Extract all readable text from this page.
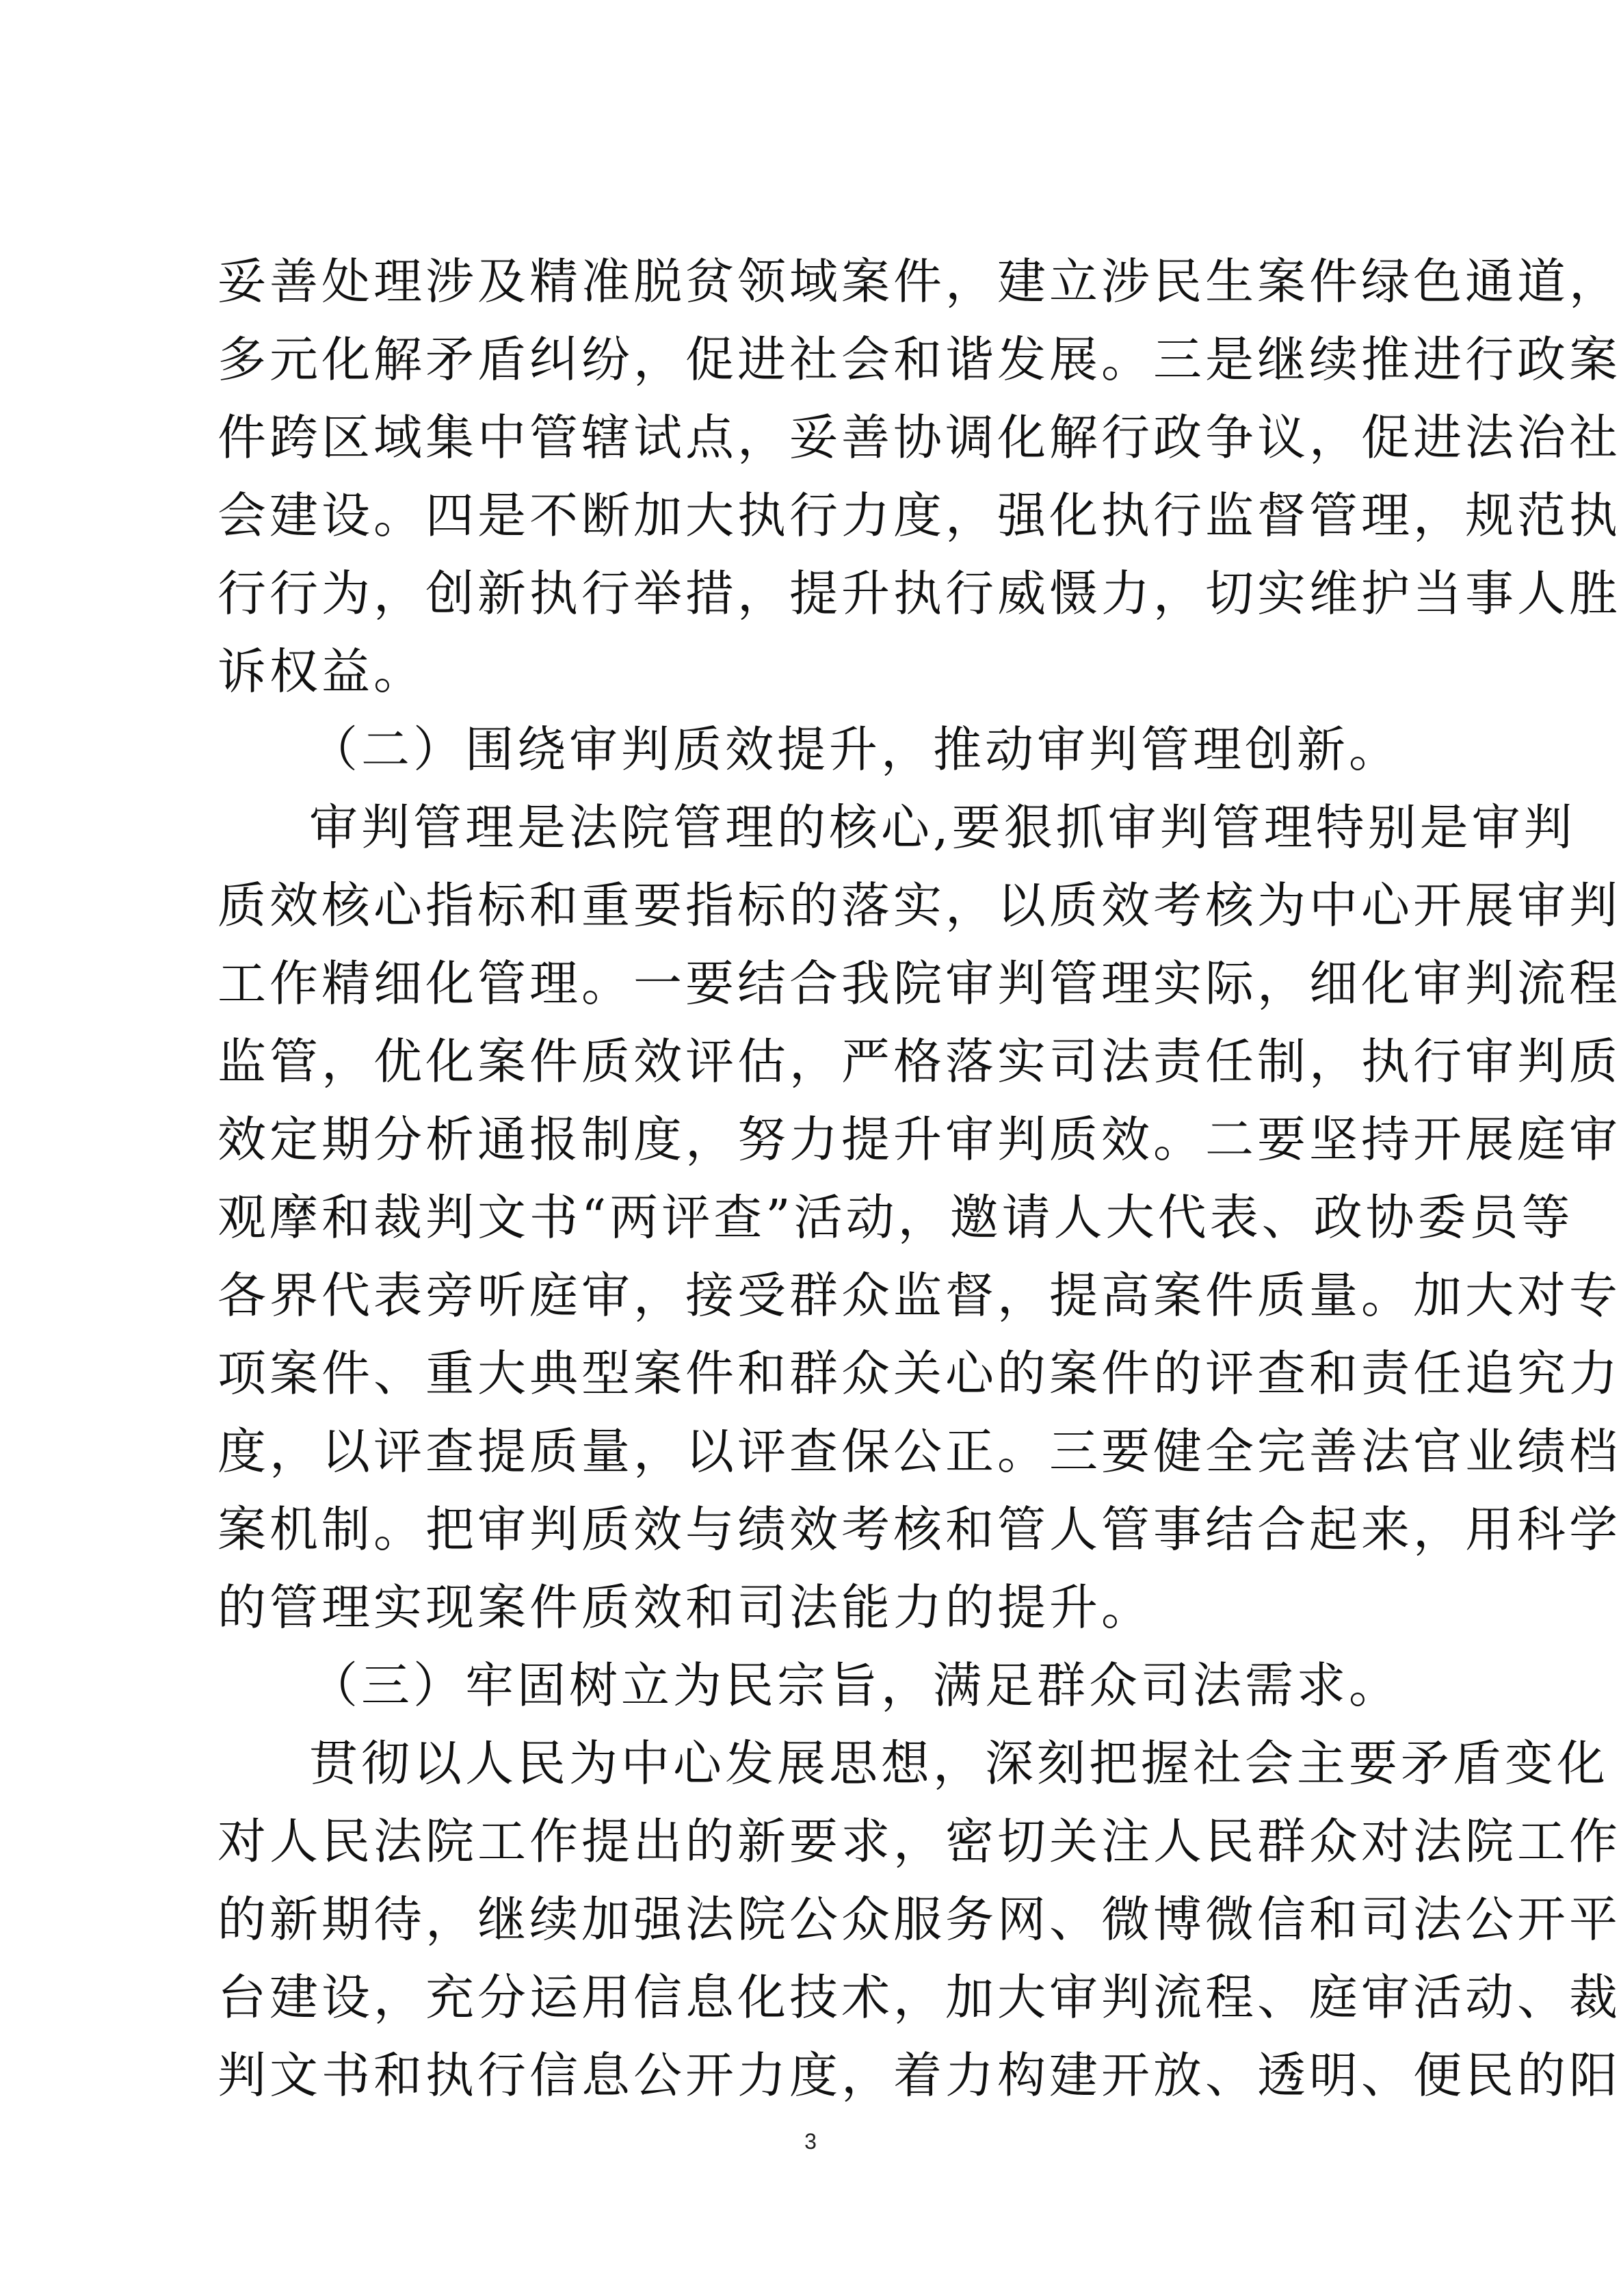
妥善处理涉及精准脱贫领域案件，建立涉民生案件绿色通道，
多元化解矛盾纠纷，促进社会和谐发展。三是继续推进行政案
件跨区域集中管辖试点，妥善协调化解行政争议，促进法治社
会建设。四是不断加大执行力度，强化执行监督管理，规范执
行行为，创新执行举措，提升执行威慑力，切实维护当事人胜
诉权益。
（二）围绕审判质效提升，推动审判管理创新。
审判管理是法院管理的核心,要狠抓审判管理特别是审判
质效核心指标和重要指标的落实，以质效考核为中心开展审判
工作精细化管理。一要结合我院审判管理实际，细化审判流程
监管，优化案件质效评估，严格落实司法责任制，执行审判质
效定期分析通报制度，努力提升审判质效。二要坚持开展庭审
观摩和裁判文书“两评查”活动，邀请人大代表、政协委员等
各界代表旁听庭审，接受群众监督，提高案件质量。加大对专
项案件、重大典型案件和群众关心的案件的评查和责任追究力
度，以评查提质量，以评查保公正。三要健全完善法官业绩档
案机制。把审判质效与绩效考核和管人管事结合起来，用科学
的管理实现案件质效和司法能力的提升。
（三）牢固树立为民宗旨，满足群众司法需求。
贯彻以人民为中心发展思想，深刻把握社会主要矛盾变化
对人民法院工作提出的新要求，密切关注人民群众对法院工作
的新期待，继续加强法院公众服务网、微博微信和司法公开平
台建设，充分运用信息化技术，加大审判流程、庭审活动、裁
判文书和执行信息公开力度，着力构建开放、透明、便民的阳
3
